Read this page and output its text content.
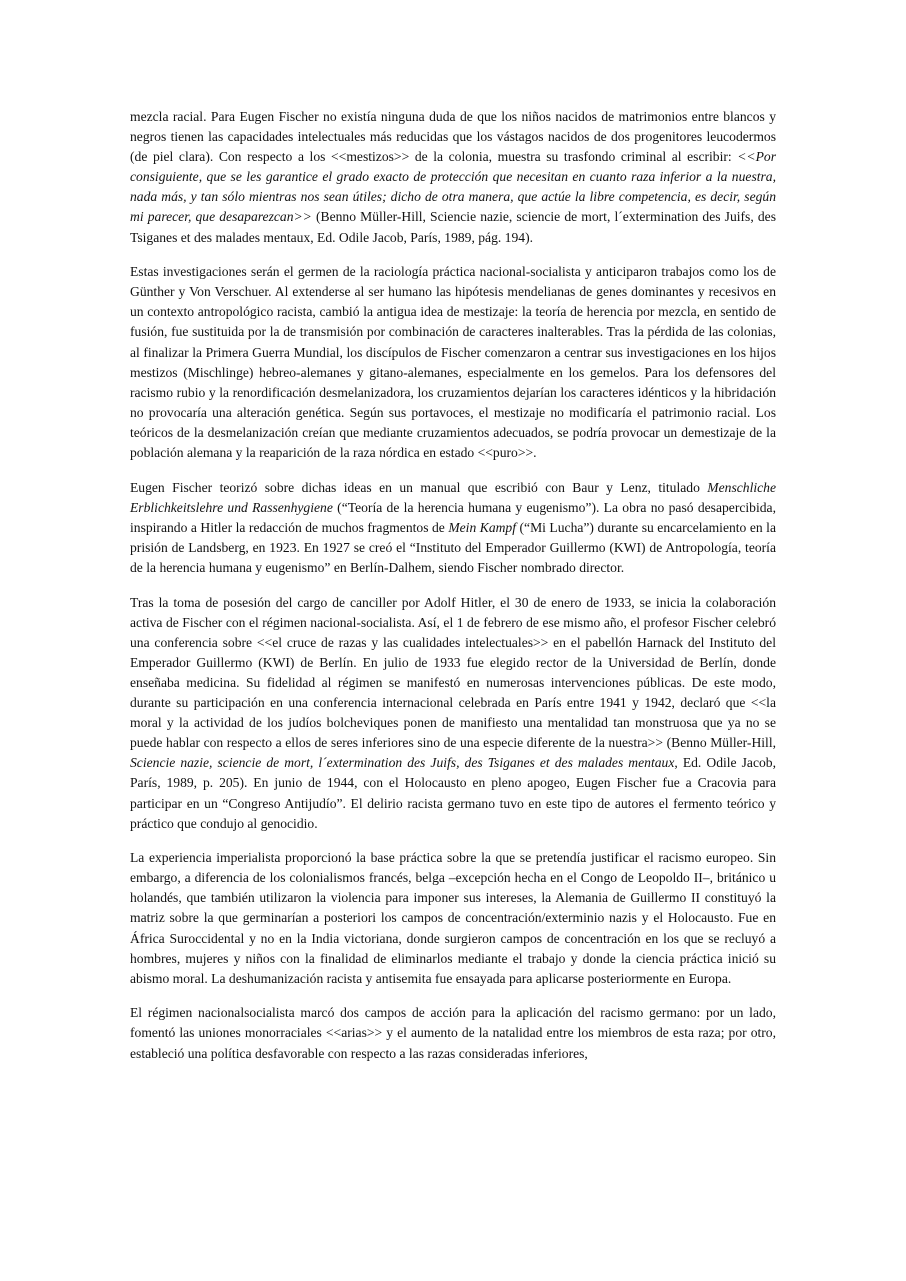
mezcla racial. Para Eugen Fischer no existía ninguna duda de que los niños nacidos de matrimonios entre blancos y negros tienen las capacidades intelectuales más reducidas que los vástagos nacidos de dos progenitores leucodermos (de piel clara). Con respecto a los <<mestizos>> de la colonia, muestra su trasfondo criminal al escribir: <<Por consiguiente, que se les garantice el grado exacto de protección que necesitan en cuanto raza inferior a la nuestra, nada más, y tan sólo mientras nos sean útiles; dicho de otra manera, que actúe la libre competencia, es decir, según mi parecer, que desaparezcan>> (Benno Müller-Hill, Sciencie nazie, sciencie de mort, l´extermination des Juifs, des Tsiganes et des malades mentaux, Ed. Odile Jacob, París, 1989, pág. 194).

Estas investigaciones serán el germen de la raciología práctica nacional-socialista y anticiparon trabajos como los de Günther y Von Verschuer. Al extenderse al ser humano las hipótesis mendelianas de genes dominantes y recesivos en un contexto antropológico racista, cambió la antigua idea de mestizaje: la teoría de herencia por mezcla, en sentido de fusión, fue sustituida por la de transmisión por combinación de caracteres inalterables. Tras la pérdida de las colonias, al finalizar la Primera Guerra Mundial, los discípulos de Fischer comenzaron a centrar sus investigaciones en los hijos mestizos (Mischlinge) hebreo-alemanes y gitano-alemanes, especialmente en los gemelos. Para los defensores del racismo rubio y la renordificación desmelanizadora, los cruzamientos dejarían los caracteres idénticos y la hibridación no provocaría una alteración genética. Según sus portavoces, el mestizaje no modificaría el patrimonio racial. Los teóricos de la desmelanización creían que mediante cruzamientos adecuados, se podría provocar un demestizaje de la población alemana y la reaparición de la raza nórdica en estado <<puro>>.

Eugen Fischer teorizó sobre dichas ideas en un manual que escribió con Baur y Lenz, titulado Menschliche Erblichkeitslehre und Rassenhygiene (“Teoría de la herencia humana y eugenismo”). La obra no pasó desapercibida, inspirando a Hitler la redacción de muchos fragmentos de Mein Kampf (“Mi Lucha”) durante su encarcelamiento en la prisión de Landsberg, en 1923. En 1927 se creó el “Instituto del Emperador Guillermo (KWI) de Antropología, teoría de la herencia humana y eugenismo” en Berlín-Dalhem, siendo Fischer nombrado director.

Tras la toma de posesión del cargo de canciller por Adolf Hitler, el 30 de enero de 1933, se inicia la colaboración activa de Fischer con el régimen nacional-socialista. Así, el 1 de febrero de ese mismo año, el profesor Fischer celebró una conferencia sobre <<el cruce de razas y las cualidades intelectuales>> en el pabellón Harnack del Instituto del Emperador Guillermo (KWI) de Berlín. En julio de 1933 fue elegido rector de la Universidad de Berlín, donde enseñaba medicina. Su fidelidad al régimen se manifestó en numerosas intervenciones públicas. De este modo, durante su participación en una conferencia internacional celebrada en París entre 1941 y 1942, declaró que <<la moral y la actividad de los judíos bolcheviques ponen de manifiesto una mentalidad tan monstruosa que ya no se puede hablar con respecto a ellos de seres inferiores sino de una especie diferente de la nuestra>> (Benno Müller-Hill, Sciencie nazie, sciencie de mort, l´extermination des Juifs, des Tsiganes et des malades mentaux, Ed. Odile Jacob, París, 1989, p. 205). En junio de 1944, con el Holocausto en pleno apogeo, Eugen Fischer fue a Cracovia para participar en un “Congreso Antijudío”. El delirio racista germano tuvo en este tipo de autores el fermento teórico y práctico que condujo al genocidio.

La experiencia imperialista proporcionó la base práctica sobre la que se pretendía justificar el racismo europeo. Sin embargo, a diferencia de los colonialismos francés, belga –excepción hecha en el Congo de Leopoldo II–, británico u holandés, que también utilizaron la violencia para imponer sus intereses, la Alemania de Guillermo II constituyó la matriz sobre la que germinarían a posteriori los campos de concentración/exterminio nazis y el Holocausto. Fue en África Suroccidental y no en la India victoriana, donde surgieron campos de concentración en los que se recluyó a hombres, mujeres y niños con la finalidad de eliminarlos mediante el trabajo y donde la ciencia práctica inició su abismo moral. La deshumanización racista y antisemita fue ensayada para aplicarse posteriormente en Europa.

El régimen nacionalsocialista marcó dos campos de acción para la aplicación del racismo germano: por un lado, fomentó las uniones monorraciales <<arias>> y el aumento de la natalidad entre los miembros de esta raza; por otro, estableció una política desfavorable con respecto a las razas consideradas inferiores,
